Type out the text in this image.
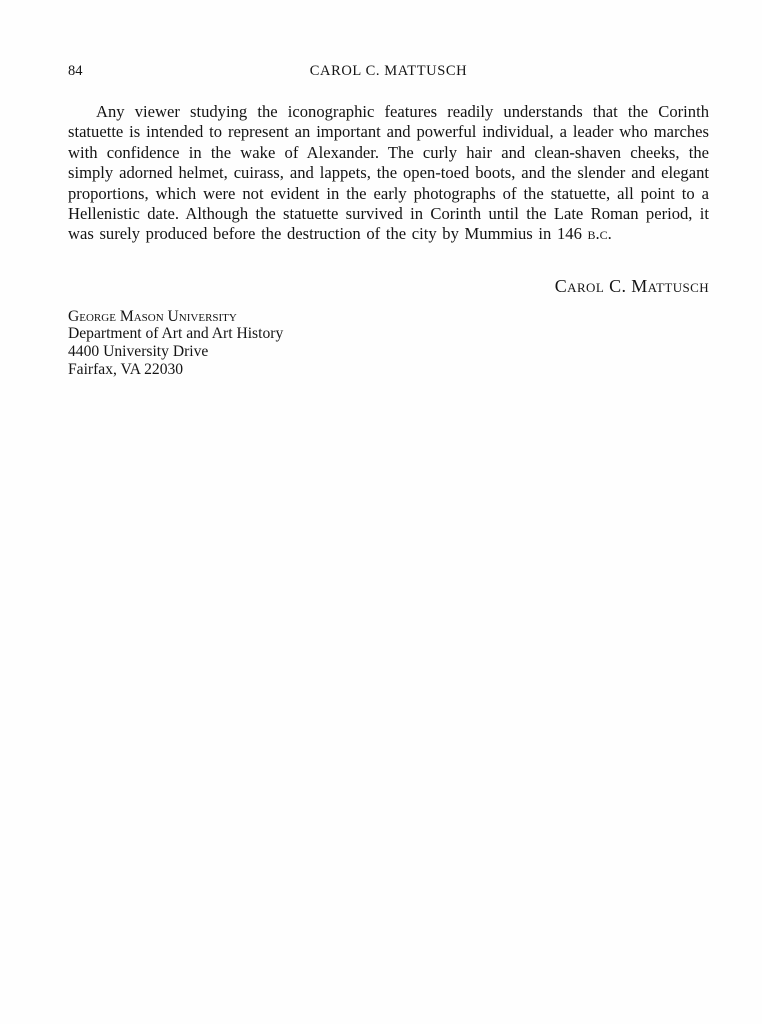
84	CAROL C. MATTUSCH

Any viewer studying the iconographic features readily understands that the Corinth statuette is intended to represent an important and powerful individual, a leader who marches with confidence in the wake of Alexander. The curly hair and clean-shaven cheeks, the simply adorned helmet, cuirass, and lappets, the open-toed boots, and the slender and elegant proportions, which were not evident in the early photographs of the statuette, all point to a Hellenistic date. Although the statuette survived in Corinth until the Late Roman period, it was surely produced before the destruction of the city by Mummius in 146 b.c.

Carol C. Mattusch

George Mason University
Department of Art and Art History
4400 University Drive
Fairfax, VA 22030
